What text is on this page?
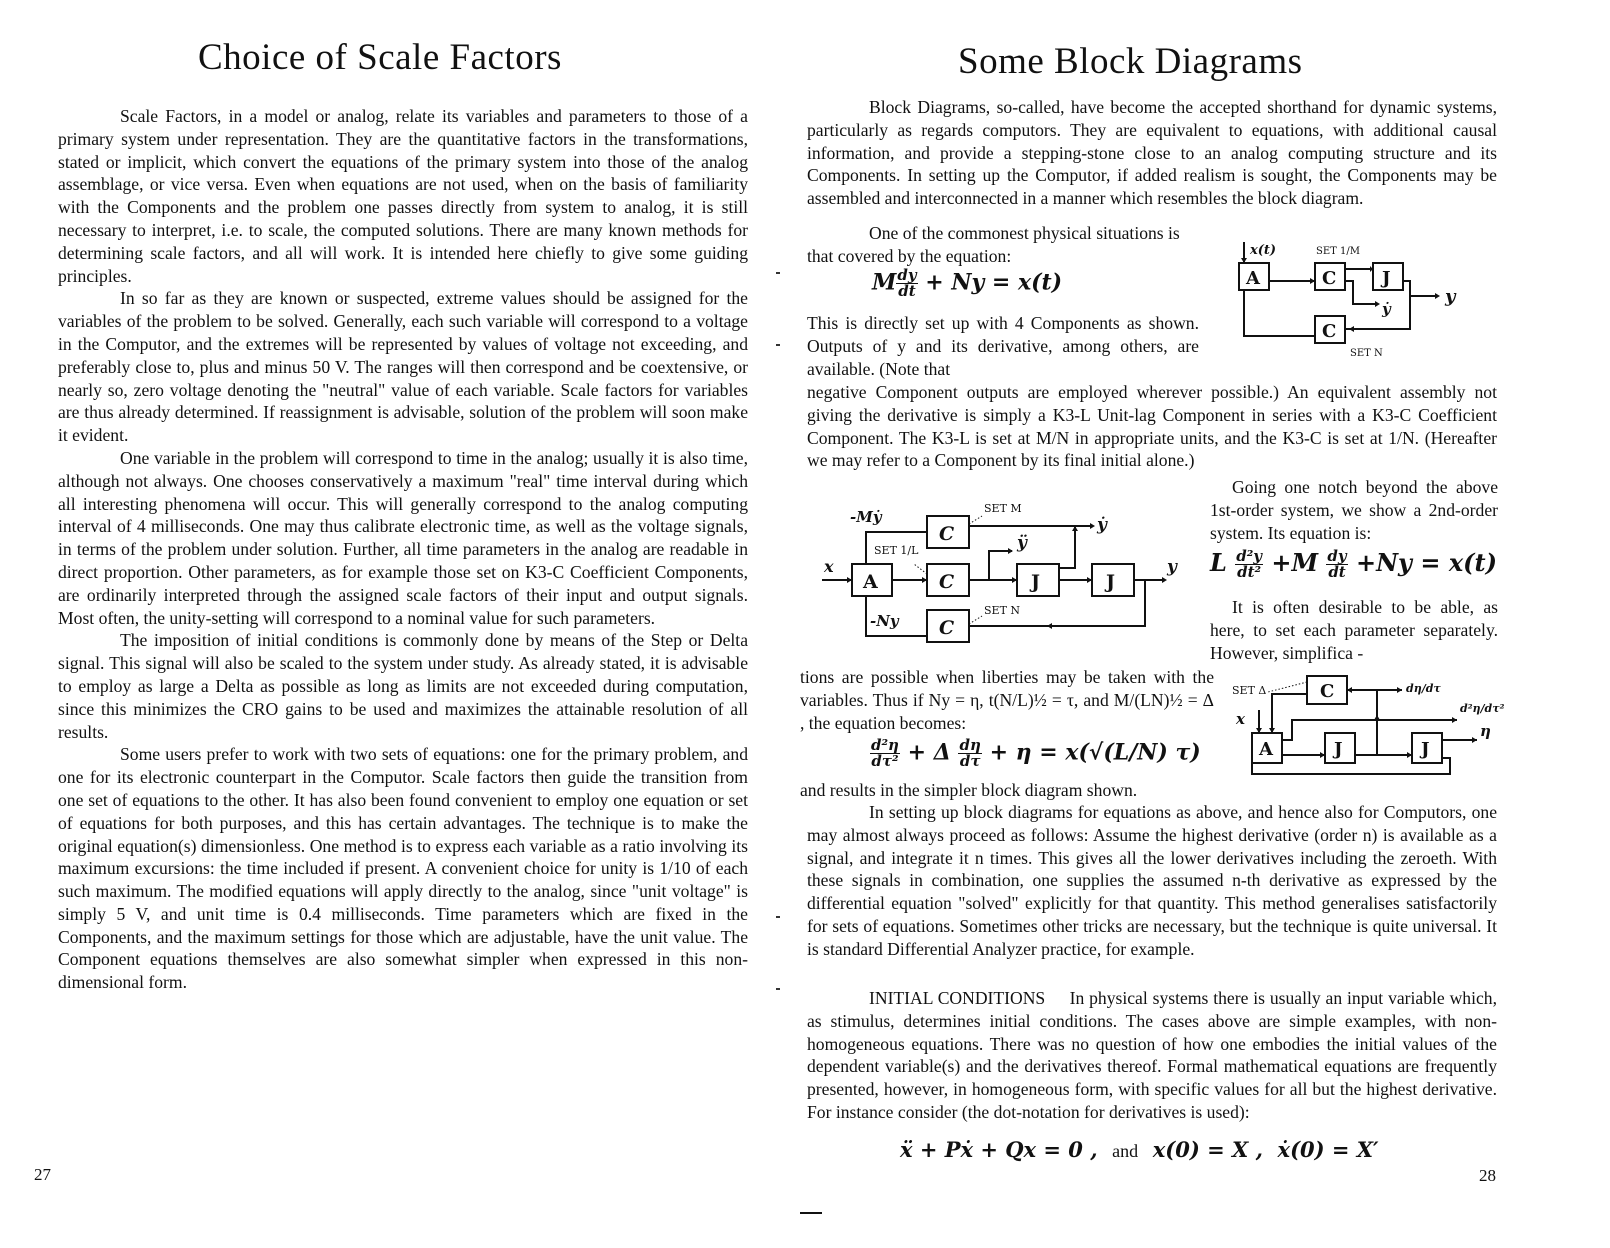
Choice of Scale Factors

Scale Factors, in a model or analog, relate its variables and parameters to those of a primary system under representation. They are the quantitative factors in the transformations, stated or implicit, which convert the equations of the primary system into those of the analog assemblage, or vice versa. Even when equations are not used, when on the basis of familiarity with the Components and the problem one passes directly from system to analog, it is still necessary to interpret, i.e. to scale, the computed solutions. There are many known methods for determining scale factors, and all will work. It is intended here chiefly to give some guiding principles.

In so far as they are known or suspected, extreme values should be assigned for the variables of the problem to be solved. Generally, each such variable will correspond to a voltage in the Computor, and the extremes will be represented by values of voltage not exceeding, and preferably close to, plus and minus 50 V. The ranges will then correspond and be coextensive, or nearly so, zero voltage denoting the "neutral" value of each variable. Scale factors for variables are thus already determined. If reassignment is advisable, solution of the problem will soon make it evident.

One variable in the problem will correspond to time in the analog; usually it is also time, although not always. One chooses conservatively a maximum "real" time interval during which all interesting phenomena will occur. This will generally correspond to the analog computing interval of 4 milliseconds. One may thus calibrate electronic time, as well as the voltage signals, in terms of the problem under solution. Further, all time parameters in the analog are readable in direct proportion. Other parameters, as for example those set on K3-C Coefficient Components, are ordinarily interpreted through the assigned scale factors of their input and output signals. Most often, the unity-setting will correspond to a nominal value for such parameters.

The imposition of initial conditions is commonly done by means of the Step or Delta signal. This signal will also be scaled to the system under study. As already stated, it is advisable to employ as large a Delta as possible as long as limits are not exceeded during computation, since this minimizes the CRO gains to be used and maximizes the attainable resolution of all results.

Some users prefer to work with two sets of equations: one for the primary problem, and one for its electronic counterpart in the Computor. Scale factors then guide the transition from one set of equations to the other. It has also been found convenient to employ one equation or set of equations for both purposes, and this has certain advantages. The technique is to make the original equation(s) dimensionless. One method is to express each variable as a ratio involving its maximum excursions: the time included if present. A convenient choice for unity is 1/10 of each such maximum. The modified equations will apply directly to the analog, since "unit voltage" is simply 5 V, and unit time is 0.4 milliseconds. Time parameters which are fixed in the Components, and the maximum settings for those which are adjustable, have the unit value. The Component equations themselves are also somewhat simpler when expressed in this non-dimensional form.

27
Some Block Diagrams

Block Diagrams, so-called, have become the accepted shorthand for dynamic systems, particularly as regards computors. They are equivalent to equations, with additional causal information, and provide a stepping-stone close to an analog computing structure and its Components. In setting up the Computor, if added realism is sought, the Components may be assembled and interconnected in a manner which resembles the block diagram.

One of the commonest physical situations is that covered by the equation:

M $\frac{dy}{dt} + Ny = x(t)$

This is directly set up with 4 Components as shown. Outputs of y and its derivative, among others, are available. (Note that

negative Component outputs are employed wherever possible.) An equivalent assembly not giving the derivative is simply a K3-L Unit-lag Component in series with a K3-C Coefficient Component. The K3-L is set at M/N in appropriate units, and the K3-C is set at 1/N. (Hereafter we may refer to a Component by its final initial alone.)

A	C	J
C
x(t)	SET 1/M
SET N
y
ẏ
C
A	C	J	J
C
-Mẏ	SET M
SET 1/L	ÿ
ẏ
x	y
-Ny
SET N

Going one notch beyond the above 1st-order system, we show a 2nd-order system. Its equation is:

L $\frac{\text{d²y}}{\text{dt²}} +M \frac{dy}{dt} +Ny = x(t)$

It is often desirable to be able, as here, to set each parameter separately. However, simplifica -

tions are possible when liberties may be taken with the variables. Thus if Ny = η, t(N/L)½ = τ, and M/(LN)½ = Δ , the equation becomes:

$\frac{\text{d²η}}{\text{dτ²}} + \Delta \frac{d\eta}{d\tau} + \eta = x(√(L/N)$ τ)

and results in the simpler block diagram shown.

C
A	J	J
SET Δ
x
dη/dτ
d²η/dτ²
η

In setting up block diagrams for equations as above, and hence also for Computors, one may almost always proceed as follows: Assume the highest derivative (order n) is available as a signal, and integrate it n times. This gives all the lower derivatives including the zeroeth. With these signals in combination, one supplies the assumed n-th derivative as expressed by the differential equation "solved" explicitly for that quantity. This method generalises satisfactorily for sets of equations. Sometimes other tricks are necessary, but the technique is quite universal. It is standard Differential Analyzer practice, for example.

INITIAL CONDITIONS In physical systems there is usually an input variable which, as stimulus, determines initial conditions. The cases above are simple examples, with non-homogeneous equations. There was no question of how one embodies the initial values of the dependent variable(s) and the derivatives thereof. Formal mathematical equations are frequently presented, however, in homogeneous form, with specific values for all but the highest derivative. For instance consider (the dot-notation for derivatives is used):

ẍ + Pẋ + Qx = 0 , and x(0) = X , ẋ(0) = X′
28
